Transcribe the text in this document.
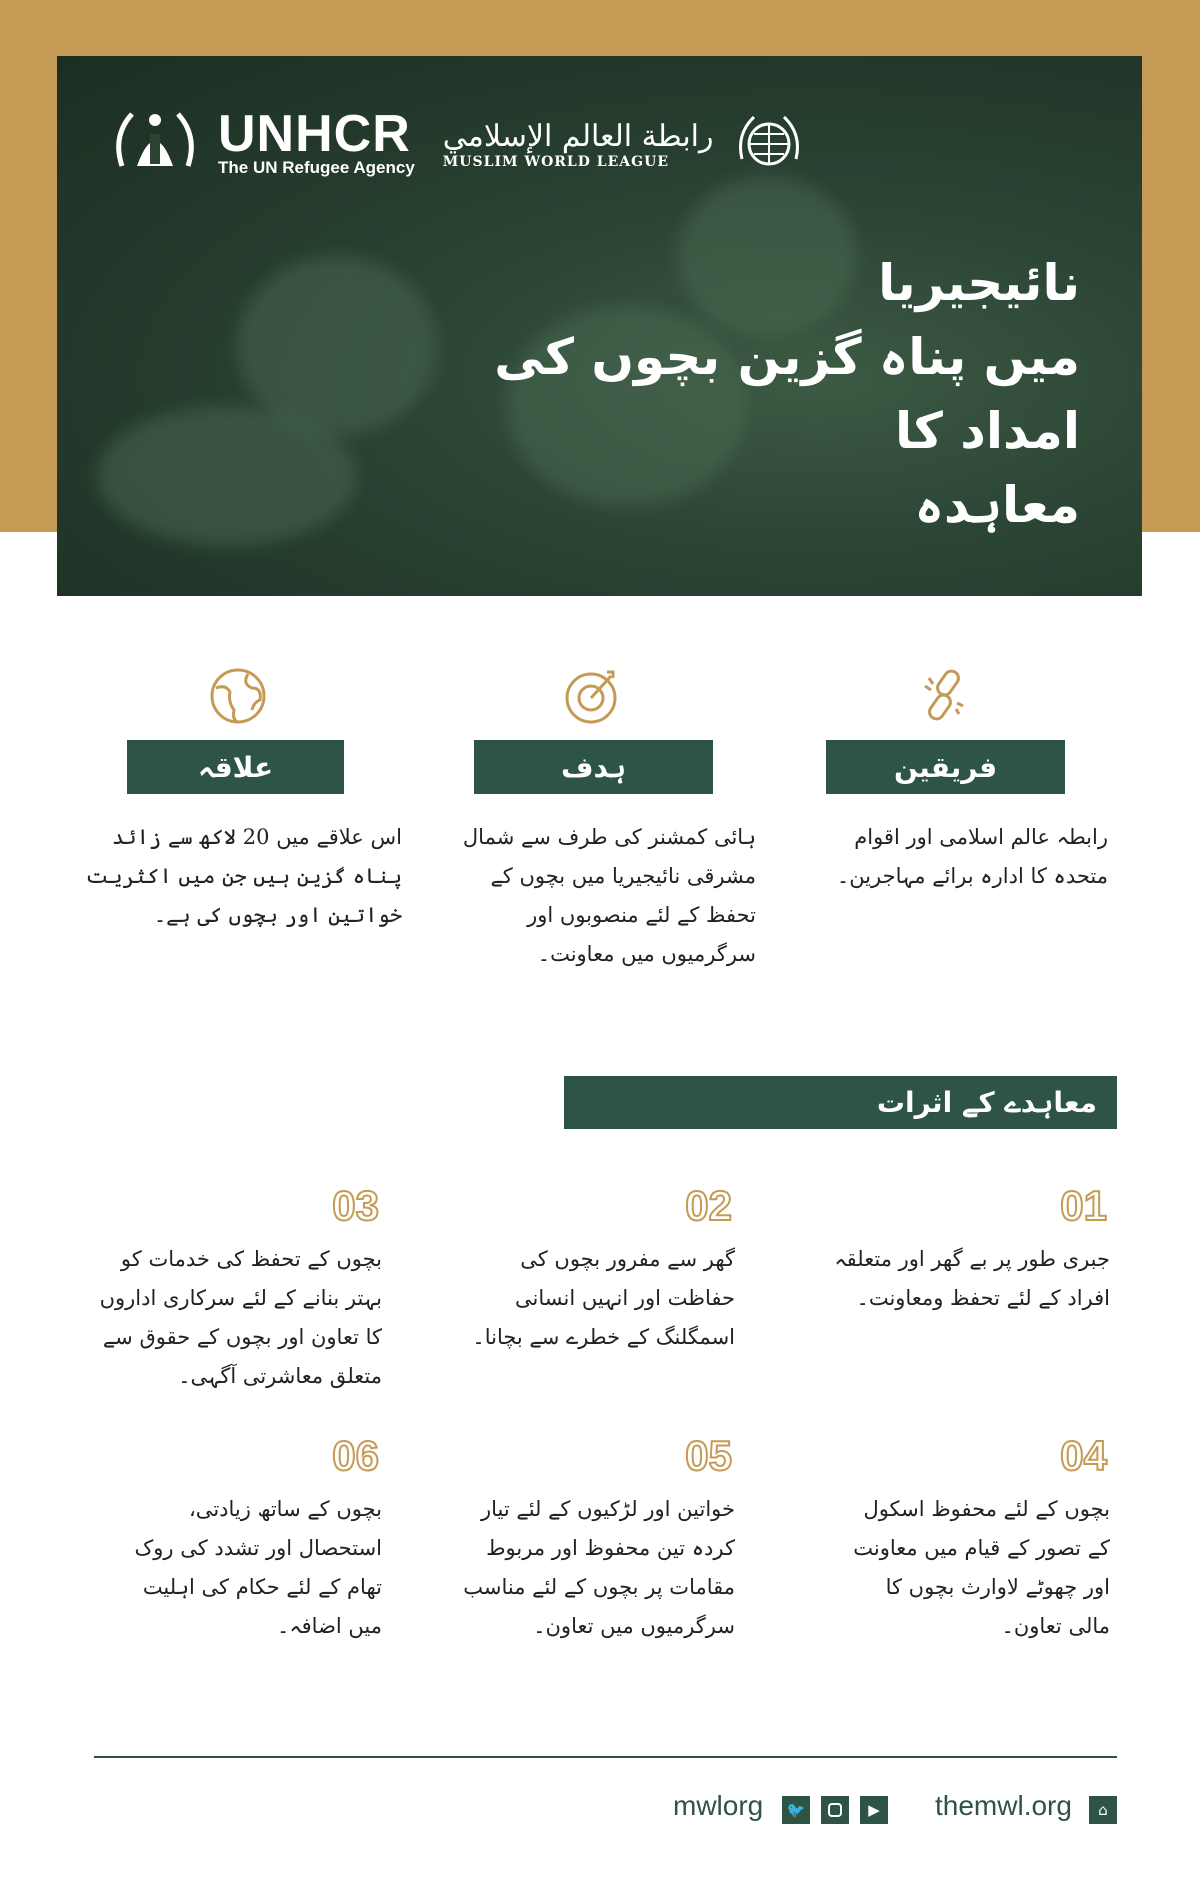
UNHCR
The UN Refugee Agency
رابطة العالم الإسلامي
MUSLIM WORLD LEAGUE
نائیجیریا
میں پناہ گزین بچوں کی امداد کا
معاہدہ
فریقین
ہدف
علاقہ
رابطہ عالم اسلامی اور اقوام متحدہ کا ادارہ برائے مہاجرین۔
ہائی کمشنر کی طرف سے شمال مشرقی نائیجیریا میں بچوں کے تحفظ کے لئے منصوبوں اور سرگرمیوں میں معاونت۔
اس علاقے میں 20 لاکھ سے زائد پناہ گزین ہیں جن میں اکثریت خواتین اور بچوں کی ہے۔
معاہدے کے اثرات
01
02
03
جبری طور پر بے گھر اور متعلقہ افراد کے لئے تحفظ ومعاونت۔
گھر سے مفرور بچوں کی حفاظت اور انہیں انسانی اسمگلنگ کے خطرے سے بچانا۔
بچوں کے تحفظ کی خدمات کو بہتر بنانے کے لئے سرکاری اداروں کا تعاون اور بچوں کے حقوق سے متعلق معاشرتی آگہی۔
04
05
06
بچوں کے لئے محفوظ اسکول کے تصور کے قیام میں معاونت اور چھوٹے لاوارث بچوں کا مالی تعاون۔
خواتین اور لڑکیوں کے لئے تیار کردہ تین محفوظ اور مربوط مقامات پر بچوں کے لئے مناسب سرگرمیوں میں تعاون۔
بچوں کے ساتھ زیادتی، استحصال اور تشدد کی روک تھام کے لئے حکام کی اہلیت میں اضافہ۔
mwlorg	🐦	▶ themwl.org	⌂
